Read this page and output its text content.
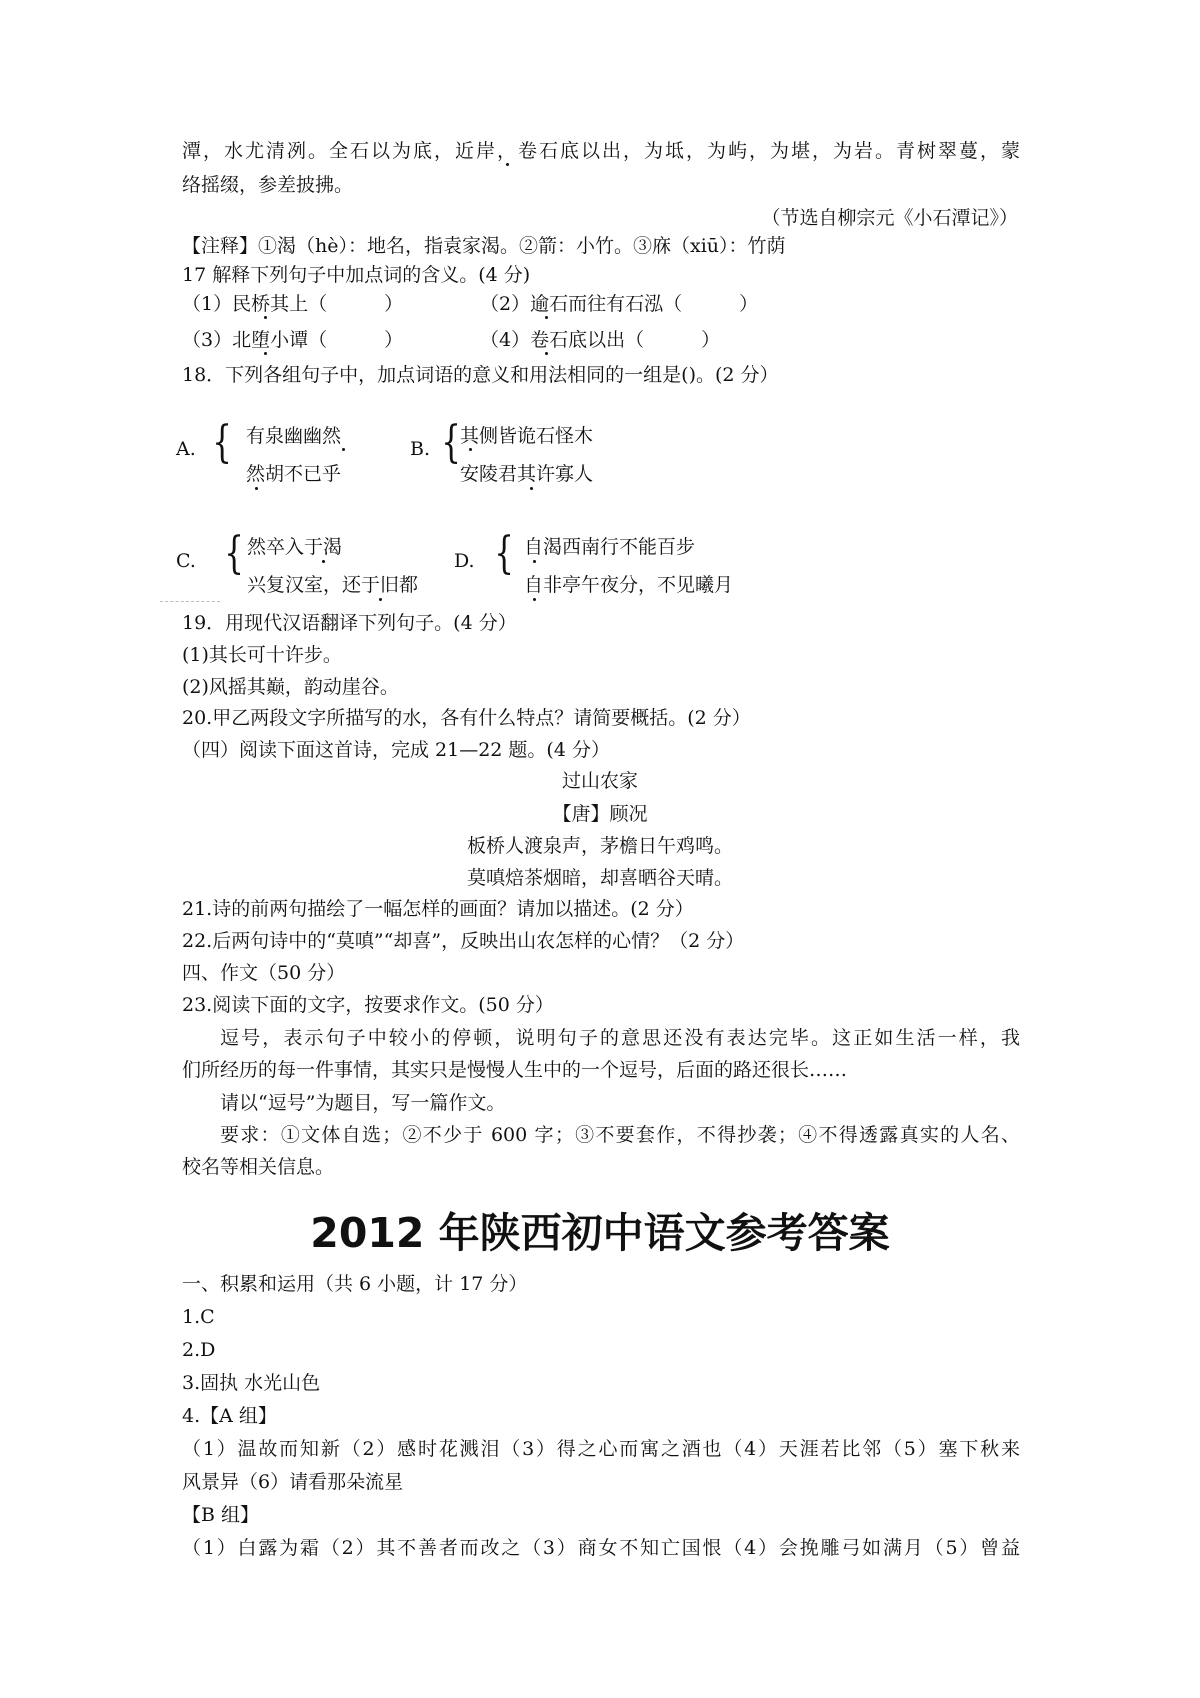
潭，水尤清冽。全石以为底，近岸，卷石底以出，为坻，为屿，为堪，为岩。青树翠蔓，蒙
络摇缀，参差披拂。
（节选自柳宗元《小石潭记》）
【注释】①渴（hè）：地名，指袁家渴。②箭：小竹。③庥（xiū）：竹荫
17 解释下列句子中加点词的含义。(4 分)
（1）民桥其上（　　　）	（2）逾石而往有石泓（　　　）
（3）北堕小谭（　　　）	（4）卷石底以出（　　　）
18．下列各组句子中，加点词语的意义和用法相同的一组是()。(2 分）
A. { 有泉幽幽然
然胡不已乎
B. { 其侧皆诡石怪木
安陵君其许寡人
C. { 然卒入于渴
兴复汉室，还于旧都
D. { 自渴西南行不能百步
自非亭午夜分，不见曦月
19．用现代汉语翻译下列句子。(4 分）
(1)其长可十许步。
(2)风摇其巅，韵动崖谷。
20.甲乙两段文字所描写的水，各有什么特点？请简要概括。(2 分）
（四）阅读下面这首诗，完成 21—22 题。(4 分）
过山农家
【唐】顾况
板桥人渡泉声，茅檐日午鸡鸣。
莫嗔焙茶烟暗，却喜晒谷天晴。
21.诗的前两句描绘了一幅怎样的画面？请加以描述。(2 分）
22.后两句诗中的“莫嗔”“却喜”，反映出山农怎样的心情？（2 分）
四、作文（50 分）
23.阅读下面的文字，按要求作文。(50 分）
逗号，表示句子中较小的停顿，说明句子的意思还没有表达完毕。这正如生活一样，我
们所经历的每一件事情，其实只是慢慢人生中的一个逗号，后面的路还很长……
请以“逗号”为题目，写一篇作文。
要求：①文体自选；②不少于 600 字；③不要套作，不得抄袭；④不得透露真实的人名、
校名等相关信息。
2012 年陕西初中语文参考答案
一、积累和运用（共 6 小题，计 17 分）
1.C
2.D
3.固执 水光山色
4.【A 组】
（1）温故而知新（2）感时花溅泪（3）得之心而寓之酒也（4）天涯若比邻（5）塞下秋来
风景异（6）请看那朵流星
【B 组】
（1）白露为霜（2）其不善者而改之（3）商女不知亡国恨（4）会挽雕弓如满月（5）曾益
